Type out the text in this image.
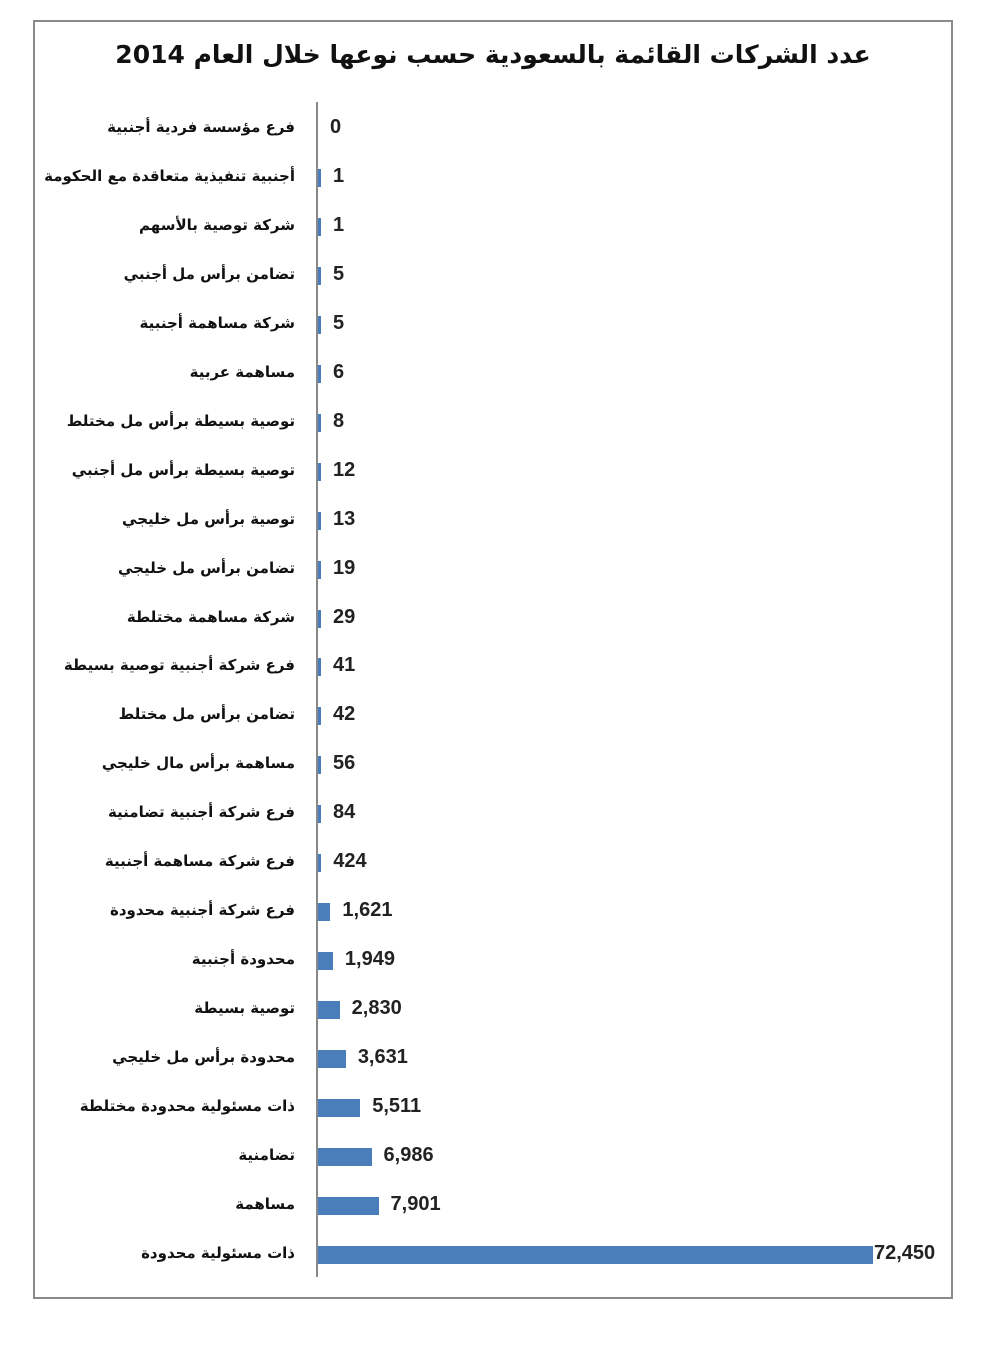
عدد الشركات القائمة بالسعودية حسب نوعها خلال العام 2014
فرع مؤسسة فردية أجنبية 0
أجنبية تنفيذية متعاقدة مع الحكومة 1
شركة توصية بالأسهم 1
تضامن برأس مل أجنبي 5
شركة مساهمة أجنبية 5
مساهمة عربية 6
توصية بسيطة برأس مل مختلط 8
توصية بسيطة برأس مل أجنبي 12
توصية برأس مل خليجي 13
تضامن برأس مل خليجي 19
شركة مساهمة مختلطة 29
فرع شركة أجنبية توصية بسيطة 41
تضامن برأس مل مختلط 42
مساهمة برأس مال خليجي 56
فرع شركة أجنبية تضامنية 84
فرع شركة مساهمة أجنبية 424
فرع شركة أجنبية محدودة 1,621
محدودة أجنبية 1,949
توصية بسيطة	2,830
محدودة برأس مل خليجي	3,631
ذات مسئولية محدودة مختلطة	5,511
تضامنية	6,986
مساهمة	7,901
ذات مسئولية محدودة	72,450
